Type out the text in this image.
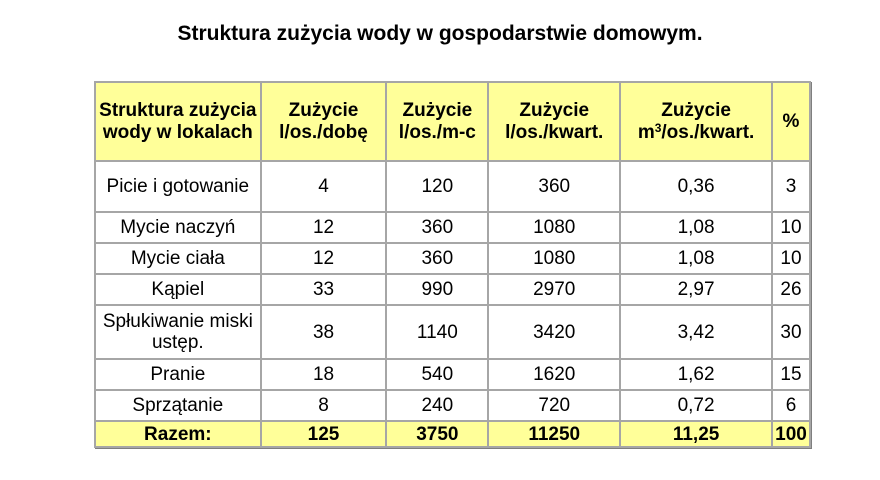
Struktura zużycia wody w gospodarstwie domowym.
Struktura zużycia wody w lokalach	Zużycie l/os./dobę	Zużycie l/os./m-c	Zużycie l/os./kwart.	Zużycie $m^3/os$./kwart.	%
Picie i gotowanie	4	120	360	0,36	3
Mycie naczyń	12	360	1080	1,08	10
Mycie ciała	12	360	1080	1,08	10
Kąpiel	33	990	2970	2,97	26
Spłukiwanie miski ustęp.	38	1140	3420	3,42	30
Pranie	18	540	1620	1,62	15
Sprzątanie	8	240	720	0,72	6
Razem:	125	3750	11250	11,25	100
